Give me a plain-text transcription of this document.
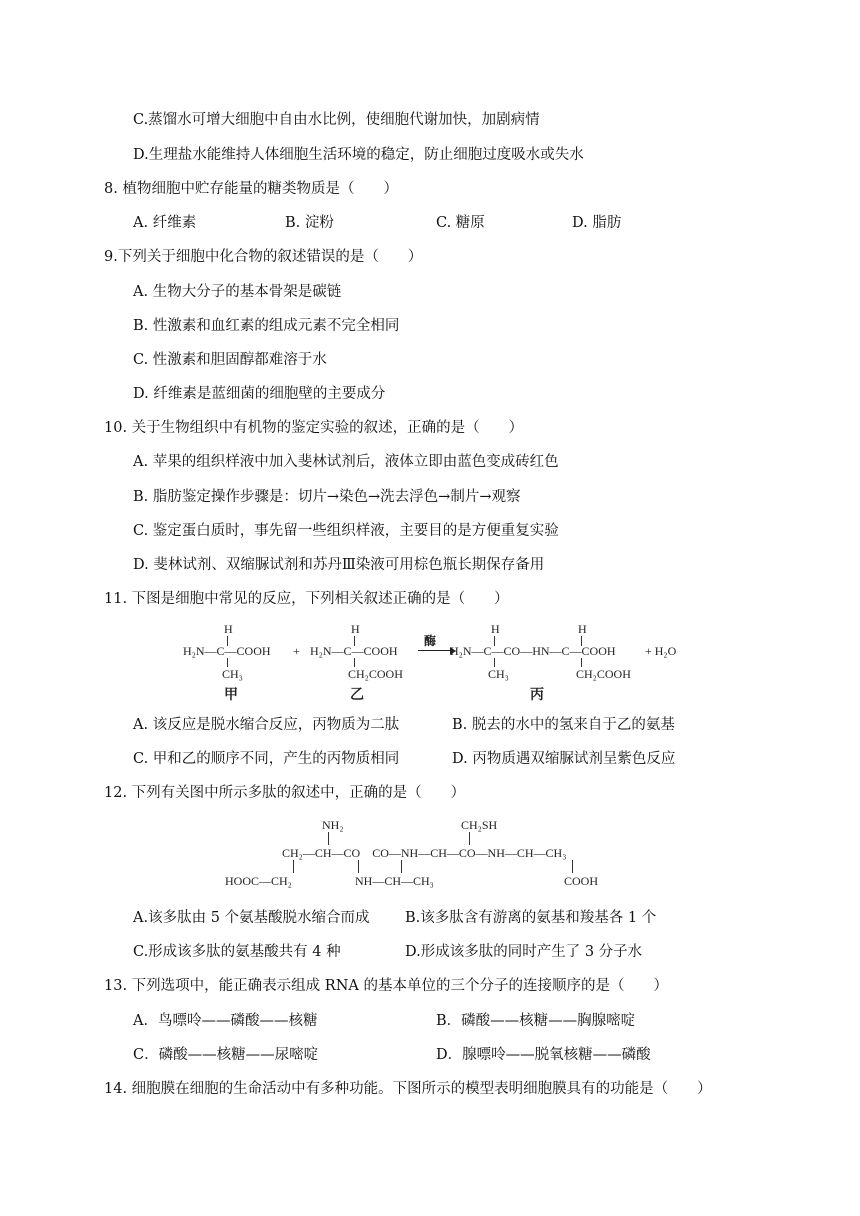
C.蒸馏水可增大细胞中自由水比例，使细胞代谢加快，加剧病情
D.生理盐水能维持人体细胞生活环境的稳定，防止细胞过度吸水或失水
8. 植物细胞中贮存能量的糖类物质是（　　）
A. 纤维素	B. 淀粉	C. 糖原	D. 脂肪
9.下列关于细胞中化合物的叙述错误的是（　　）
A. 生物大分子的基本骨架是碳链
B. 性激素和血红素的组成元素不完全相同
C. 性激素和胆固醇都难溶于水
D. 纤维素是蓝细菌的细胞壁的主要成分
10. 关于生物组织中有机物的鉴定实验的叙述，正确的是（　　）
A. 苹果的组织样液中加入斐林试剂后，液体立即由蓝色变成砖红色
B. 脂肪鉴定操作步骤是：切片→染色→洗去浮色→制片→观察
C. 鉴定蛋白质时，事先留一些组织样液，主要目的是方便重复实验
D. 斐林试剂、双缩脲试剂和苏丹Ⅲ染液可用棕色瓶长期保存备用
11. 下图是细胞中常见的反应，下列相关叙述正确的是（　　）
H
H₂N—C—COOH
CH₃
甲
+
H
H₂N—C—COOH
CH₂COOH
乙
酶
H	H
H₂N—C—CO—HN—C—COOH
CH₃	CH₂COOH
+ H₂O
丙
A. 该反应是脱水缩合反应，丙物质为二肽	B. 脱去的水中的氢来自于乙的氨基
C. 甲和乙的顺序不同，产生的丙物质相同	D. 丙物质遇双缩脲试剂呈紫色反应
12. 下列有关图中所示多肽的叙述中，正确的是（　　）
NH₂	CH₂SH
CH₂—CH—CO　CO—NH—CH—CO—NH—CH—CH₃
HOOC—CH₂	NH—CH—CH₃	COOH
A.该多肽由 5 个氨基酸脱水缩合而成 B.该多肽含有游离的氨基和羧基各 1 个
C.形成该多肽的氨基酸共有 4 种	D.形成该多肽的同时产生了 3 分子水
13. 下列选项中，能正确表示组成 RNA 的基本单位的三个分子的连接顺序的是（　　）
A．鸟嘌呤——磷酸——核糖	B．磷酸——核糖——胸腺嘧啶
C．磷酸——核糖——尿嘧啶	D．腺嘌呤——脱氧核糖——磷酸
14. 细胞膜在细胞的生命活动中有多种功能。下图所示的模型表明细胞膜具有的功能是（　　）
